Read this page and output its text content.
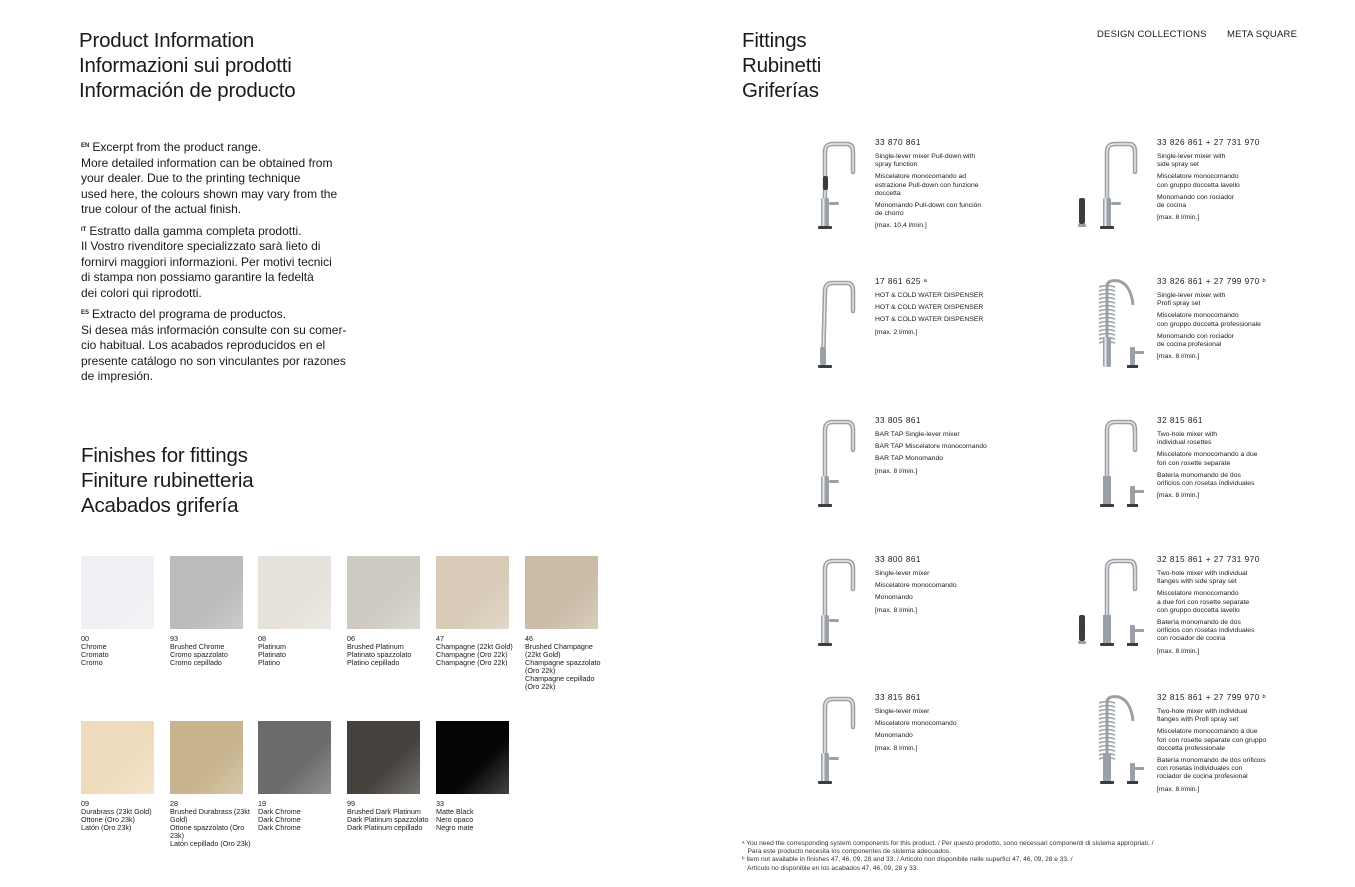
Product Information
Informazioni sui prodotti
Información de producto
$^{EN}$ Excerpt from the product range.
More detailed information can be obtained from
your dealer. Due to the printing technique
used here, the colours shown may vary from the
true colour of the actual finish.
$^{IT}$ Estratto dalla gamma completa prodotti.
Il Vostro rivenditore specializzato sarà lieto di
fornirvi maggiori informazioni. Per motivi tecnici
di stampa non possiamo garantire la fedeltà
dei colori qui riprodotti.
$^{ES}$ Extracto del programa de productos.
Si desea más información consulte con su comer-
cio habitual. Los acabados reproducidos en el
presente catálogo no son vinculantes por razones
de impresión.
Finishes for fittings
Finiture rubinetteria
Acabados grifería
00
Chrome
Cromato
Cromo
93
Brushed Chrome
Cromo spazzolato
Cromo cepillado
08
Platinum
Platinato
Platino
06
Brushed Platinum
Platinato spazzolato
Platino cepillado
47
Champagne (22kt Gold)
Champagne (Oro 22k)
Champagne (Oro 22k)
46
Brushed Champagne (22kt Gold)
Champagne spazzolato (Oro 22k)
Champagne cepillado (Oro 22k)
09
Durabrass (23kt Gold)
Ottone (Oro 23k)
Latón (Oro 23k)
28
Brushed Durabrass (23kt Gold)
Ottone spazzolato (Oro 23k)
Latón cepillado (Oro 23k)
19
Dark Chrome
Dark Chrome
Dark Chrome
99
Brushed Dark Platinum
Dark Platinum spazzolato
Dark Platinum cepillado
33
Matte Black
Nero opaco
Negro mate
Fittings
Rubinetti
Griferías
DESIGN COLLECTIONS META SQUARE
33 870 861
Single-lever mixer Pull-down with
spray function
Miscelatore monocomando ad
estrazione Pull-down con funzione
doccetta
Monomando Pull-down con función
de chorro
[max. 10,4 l/min.]
33 826 861 + 27 731 970
Single-lever mixer with
side spray set
Miscelatore monocomando
con gruppo doccetta lavello
Monomando con rociador
de cocina
[max. 8 l/min.]
17 861 625 ᵃ
HOT & COLD WATER DISPENSER
HOT & COLD WATER DISPENSER
HOT & COLD WATER DISPENSER
[max. 2 l/min.]
33 826 861 + 27 799 970 ᵇ
Single-lever mixer with
Profi spray set
Miscelatore monocomando
con gruppo doccetta professionale
Monomando con rociador
de cocina profesional
[max. 8 l/min.]
33 805 861
BAR TAP Single-lever mixer
BAR TAP Miscelatore monocomando
BAR TAP Monomando
[max. 8 l/min.]
32 815 861
Two-hole mixer with
individual rosettes
Miscelatore monocomando a due
fori con rosette separate
Batería monomando de dos
orificios con rosetas individuales
[max. 8 l/min.]
33 800 861
Single-lever mixer
Miscelatore monocomando
Monomando
[max. 8 l/min.]
32 815 861 + 27 731 970
Two-hole mixer with individual
flanges with side spray set
Miscelatore monocomando
a due fori con rosette separate
con gruppo doccetta lavello
Batería monomando de dos
orificios con rosetas individuales
con rociador de cocina
[max. 8 l/min.]
33 815 861
Single-lever mixer
Miscelatore monocomando
Monomando
[max. 8 l/min.]
32 815 861 + 27 799 970 ᵇ
Two-hole mixer with individual
flanges with Profi spray set
Miscelatore monocomando a due
fori con rosette separate con gruppo
doccetta professionale
Batería monomando de dos orificios
con rosetas individuales con
rociador de cocina profesional
[max. 8 l/min.]
ᵃ You need the corresponding system components for this product. / Per questo prodotto, sono necessari componenti di sistema appropriati. /
Para este producto necesita los componentes de sistema adecuados.
ᵇ Item not available in finishes 47, 46, 09, 28 and 33. / Articolo non disponibile nelle superfici 47, 46, 09, 28 e 33. /
Artículo no disponible en los acabados 47, 46, 09, 28 y 33.
